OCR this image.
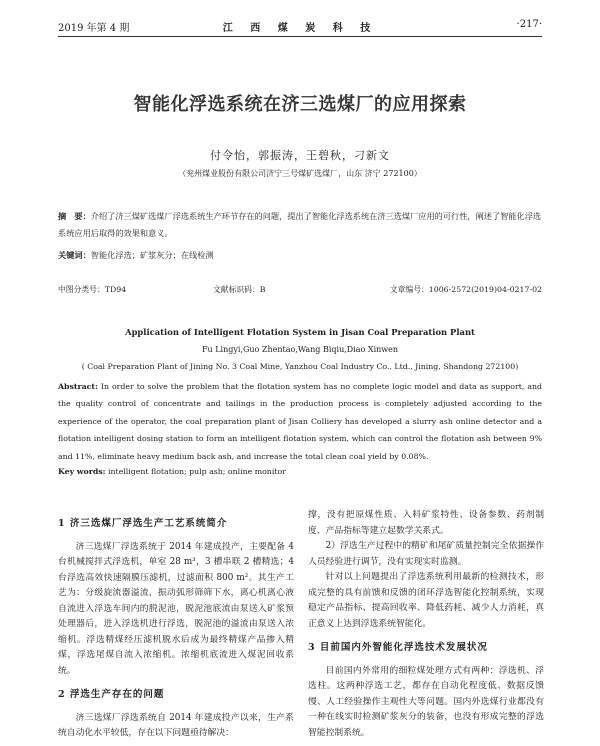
2019 年第 4 期	江 西 煤 炭 科 技	·217·
智能化浮选系统在济三选煤厂的应用探索
付令怡，郭振涛，王碧秋，刁新文
（兖州煤业股份有限公司济宁三号煤矿选煤厂，山东 济宁 272100）
摘　要：介绍了济三煤矿选煤厂浮选系统生产环节存在的问题，提出了智能化浮选系统在济三选煤厂应用的可行性，阐述了智能化浮选系统应用后取得的效果和意义。
关键词：智能化浮选；矿浆灰分；在线检测
中图分类号：TD94	文献标识码：B	文章编号：1006-2572(2019)04-0217-02
Application of Intelligent Flotation System in Jisan Coal Preparation Plant
Fu Lingyi,Guo Zhentao,Wang Biqiu,Diao Xinwen
( Coal Preparation Plant of Jining No. 3 Coal Mine, Yanzhou Coal Industry Co., Ltd., Jining, Shandong 272100)
Abstract: In order to solve the problem that the flotation system has no complete logic model and data as support, and the quality control of concentrate and tailings in the production process is completely adjusted according to the experience of the operator, the coal preparation plant of Jisan Colliery has developed a slurry ash online detector and a flotation intelligent dosing station to form an intelligent flotation system, which can control the flotation ash between 9% and 11%, eliminate heavy medium back ash, and increase the total clean coal yield by 0.08%.
Key words: intelligent flotation; pulp ash; online monitor
1 济三选煤厂浮选生产工艺系统简介

济三选煤厂浮选系统于 2014 年建成投产，主要配备 4 台机械搅拌式浮选机，单室 28 m³，3 槽串联 2 槽精选；4 台浮选高效快速隔膜压滤机，过滤面积 800 m²。其生产工艺为：分级旋流器溢流，振动弧形筛筛下水，离心机离心液自流进入浮选车间内的脱泥池，脱泥池底流由泵送入矿浆预处理器后，进入浮选机进行浮选，脱泥池的溢流由泵送入浓缩机。浮选精煤经压滤机脱水后成为最终精煤产品掺入精煤，浮选尾煤自流入浓缩机。浓缩机底流进入煤泥回收系统。

2 浮选生产存在的问题

济三选煤厂浮选系统自 2014 年建成投产以来，生产系统自动化水平较低，存在以下问题亟待解决：

撑，没有把原煤性质、入料矿浆特性、设备参数、药剂制度、产品指标等建立起数学关系式。

2）浮选生产过程中的精矿和尾矿质量控制完全依据操作人员经验进行调节，没有实现实时监测。

针对以上问题提出了浮选系统利用最新的检测技术，形成完整的具有前馈和反馈的闭环浮选智能化控制系统，实现稳定产品指标、提高回收率、降低药耗、减少人力消耗，真正意义上达到浮选系统智能化。

3 目前国内外智能化浮选技术发展状况

目前国内外常用的细粒煤处理方式有两种：浮选机、浮选柱。这两种浮选工艺，都存在自动化程度低、数据反馈慢、人工经验操作主观性大等问题。国内外选煤行业都没有一种在线实时检测矿浆灰分的装备，也没有形成完整的浮选智能控制系统。
